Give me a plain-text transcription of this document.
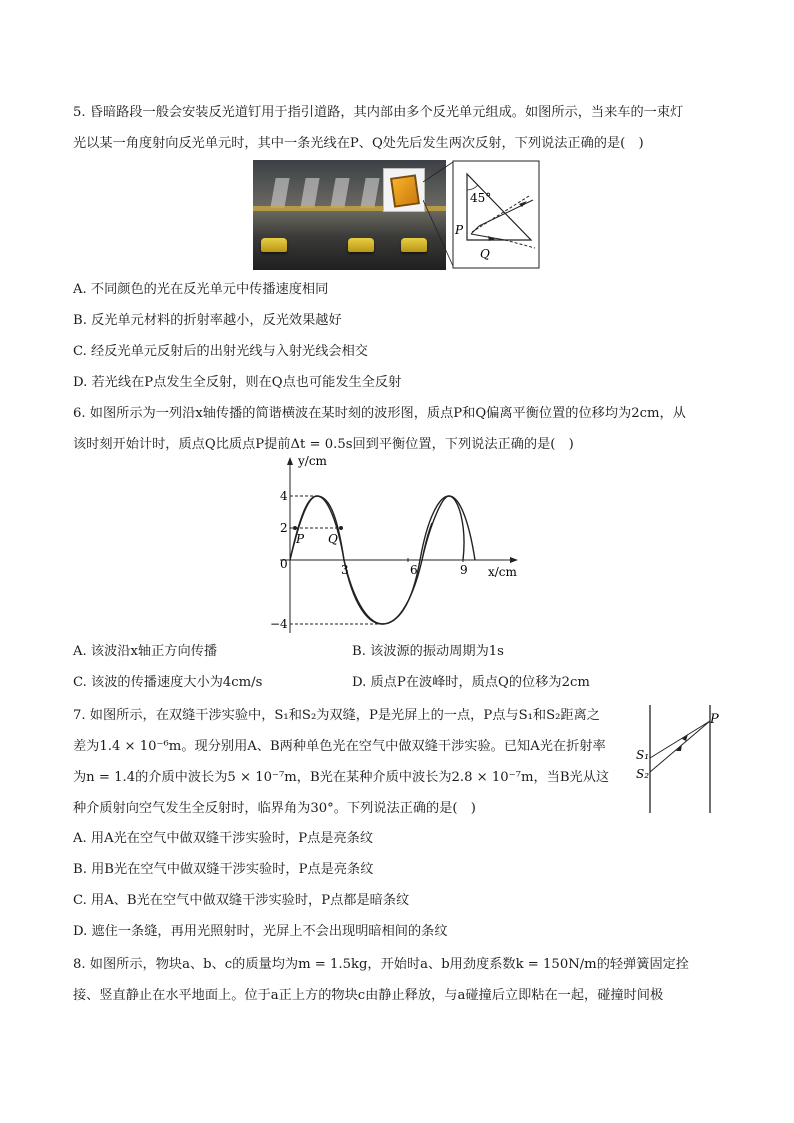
5. 昏暗路段一般会安装反光道钉用于指引道路，其内部由多个反光单元组成。如图所示，当来车的一束灯
光以某一角度射向反光单元时，其中一条光线在P、Q处先后发生两次反射，下列说法正确的是(　)
45°
P
Q
A. 不同颜色的光在反光单元中传播速度相同
B. 反光单元材料的折射率越小，反光效果越好
C. 经反光单元反射后的出射光线与入射光线会相交
D. 若光线在P点发生全反射，则在Q点也可能发生全反射
6. 如图所示为一列沿x轴传播的简谐横波在某时刻的波形图，质点P和Q偏离平衡位置的位移均为2cm，从
该时刻开始计时，质点Q比质点P提前Δt = 0.5s回到平衡位置，下列说法正确的是(　)
y/cm
x/cm
4
2
−4
0	3	6	9
P Q
A. 该波沿x轴正方向传播	B. 该波源的振动周期为1s
C. 该波的传播速度大小为4cm/s	D. 质点P在波峰时，质点Q的位移为2cm
7. 如图所示，在双缝干涉实验中，S₁和S₂为双缝，P是光屏上的一点，P点与S₁和S₂距离之
差为1.4 × 10⁻⁶m。现分别用A、B两种单色光在空气中做双缝干涉实验。已知A光在折射率
为n = 1.4的介质中波长为5 × 10⁻⁷m，B光在某种介质中波长为2.8 × 10⁻⁷m，当B光从这
种介质射向空气发生全反射时，临界角为30°。下列说法正确的是(　)
P
S₁
S₂
A. 用A光在空气中做双缝干涉实验时，P点是亮条纹
B. 用B光在空气中做双缝干涉实验时，P点是亮条纹
C. 用A、B光在空气中做双缝干涉实验时，P点都是暗条纹
D. 遮住一条缝，再用光照射时，光屏上不会出现明暗相间的条纹
8. 如图所示，物块a、b、c的质量均为m = 1.5kg，开始时a、b用劲度系数k = 150N/m的轻弹簧固定拴
接、竖直静止在水平地面上。位于a正上方的物块c由静止释放，与a碰撞后立即粘在一起，碰撞时间极
